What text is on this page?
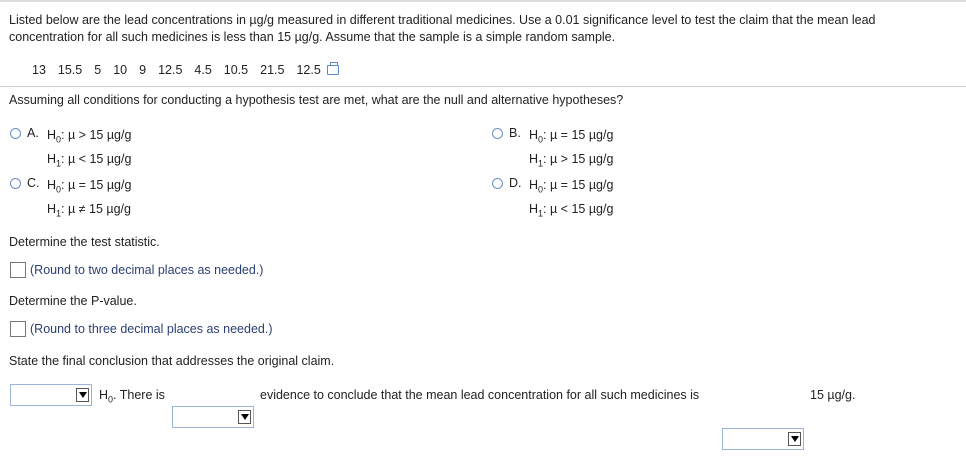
Listed below are the lead concentrations in µg/g measured in different traditional medicines. Use a 0.01 significance level to test the claim that the mean lead concentration for all such medicines is less than 15 µg/g. Assume that the sample is a simple random sample.
13 15.5 5 10 9 12.5 4.5 10.5 21.5 12.5
Assuming all conditions for conducting a hypothesis test are met, what are the null and alternative hypotheses?
A. $H_0$: µ > 15 µg/g
$H_1$: µ < 15 µg/g
B. $H_0$: µ = 15 µg/g
$H_1$: µ > 15 µg/g
C. $H_0$: µ = 15 µg/g
$H_1$: µ ≠ 15 µg/g
D. $H_0$: µ = 15 µg/g
$H_1$: µ < 15 µg/g
Determine the test statistic.
(Round to two decimal places as needed.)
Determine the P-value.
(Round to three decimal places as needed.)
State the final conclusion that addresses the original claim.
$H_0$. There is	evidence to conclude that the mean lead concentration for all such medicines is	15 µg/g.
